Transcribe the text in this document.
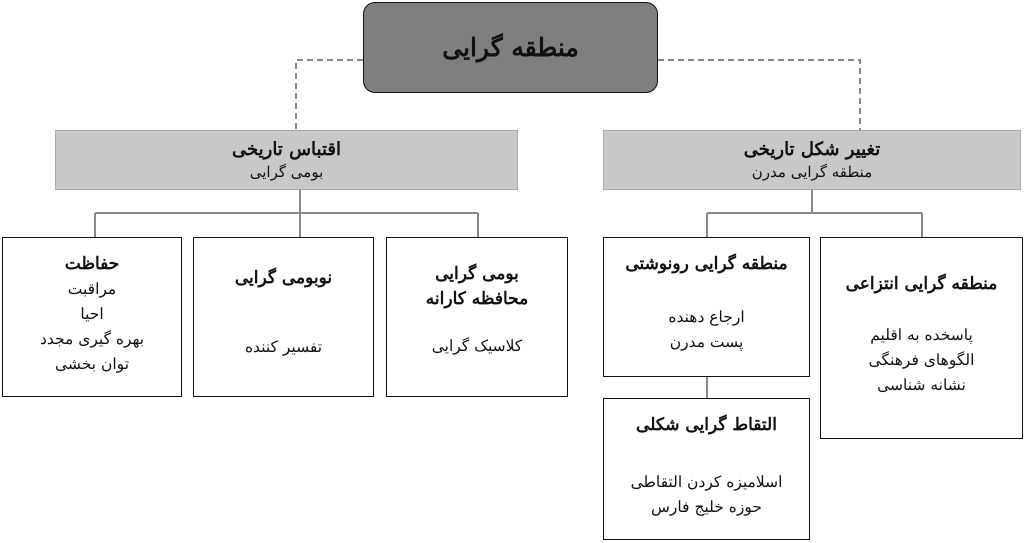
منطقه گرایی
اقتباس تاریخی
بومی گرایی
تغییر شکل تاریخی
منطقه گرایی مدرن
حفاظت
مراقبت
احیا
بهره گیری مجدد
توان بخشی
نوبومی گرایی
تفسیر کننده
بومی گرایی
محافظه کارانه
کلاسیک گرایی
منطقه گرایی رونوشتی
ارجاع دهنده
پست مدرن
منطقه گرایی انتزاعی
پاسخده به اقلیم
الگوهای فرهنگی
نشانه شناسی
التقاط گرایی شکلی
اسلامیزه کردن التقاطی
حوزه خلیج فارس
